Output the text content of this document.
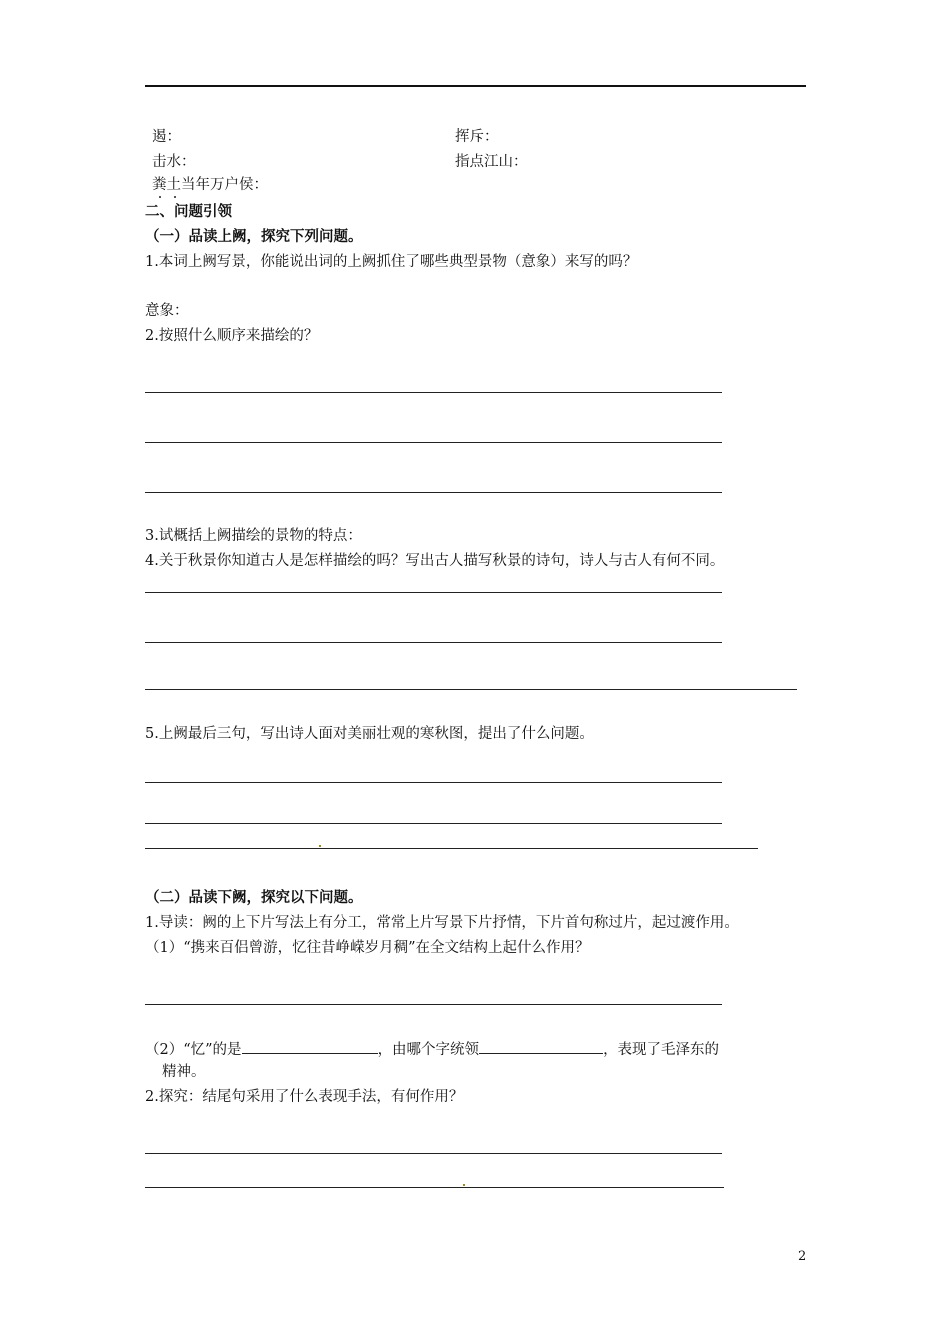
遏：	挥斥：
击水：	指点江山：
粪土当年万户侯：
二、问题引领
（一）品读上阙，探究下列问题。
1.本词上阙写景，你能说出词的上阙抓住了哪些典型景物（意象）来写的吗？
意象：
2.按照什么顺序来描绘的？
3.试概括上阙描绘的景物的特点：
4.关于秋景你知道古人是怎样描绘的吗？写出古人描写秋景的诗句，诗人与古人有何不同。
5.上阙最后三句，写出诗人面对美丽壮观的寒秋图，提出了什么问题。
（二）品读下阙，探究以下问题。
1.导读：阙的上下片写法上有分工，常常上片写景下片抒情，下片首句称过片，起过渡作用。
（1）“携来百侣曾游，忆往昔峥嵘岁月稠”在全文结构上起什么作用？
（2）“忆”的是	，由哪个字统领	，表现了毛泽东的
精神。
2.探究：结尾句采用了什么表现手法，有何作用？
2
